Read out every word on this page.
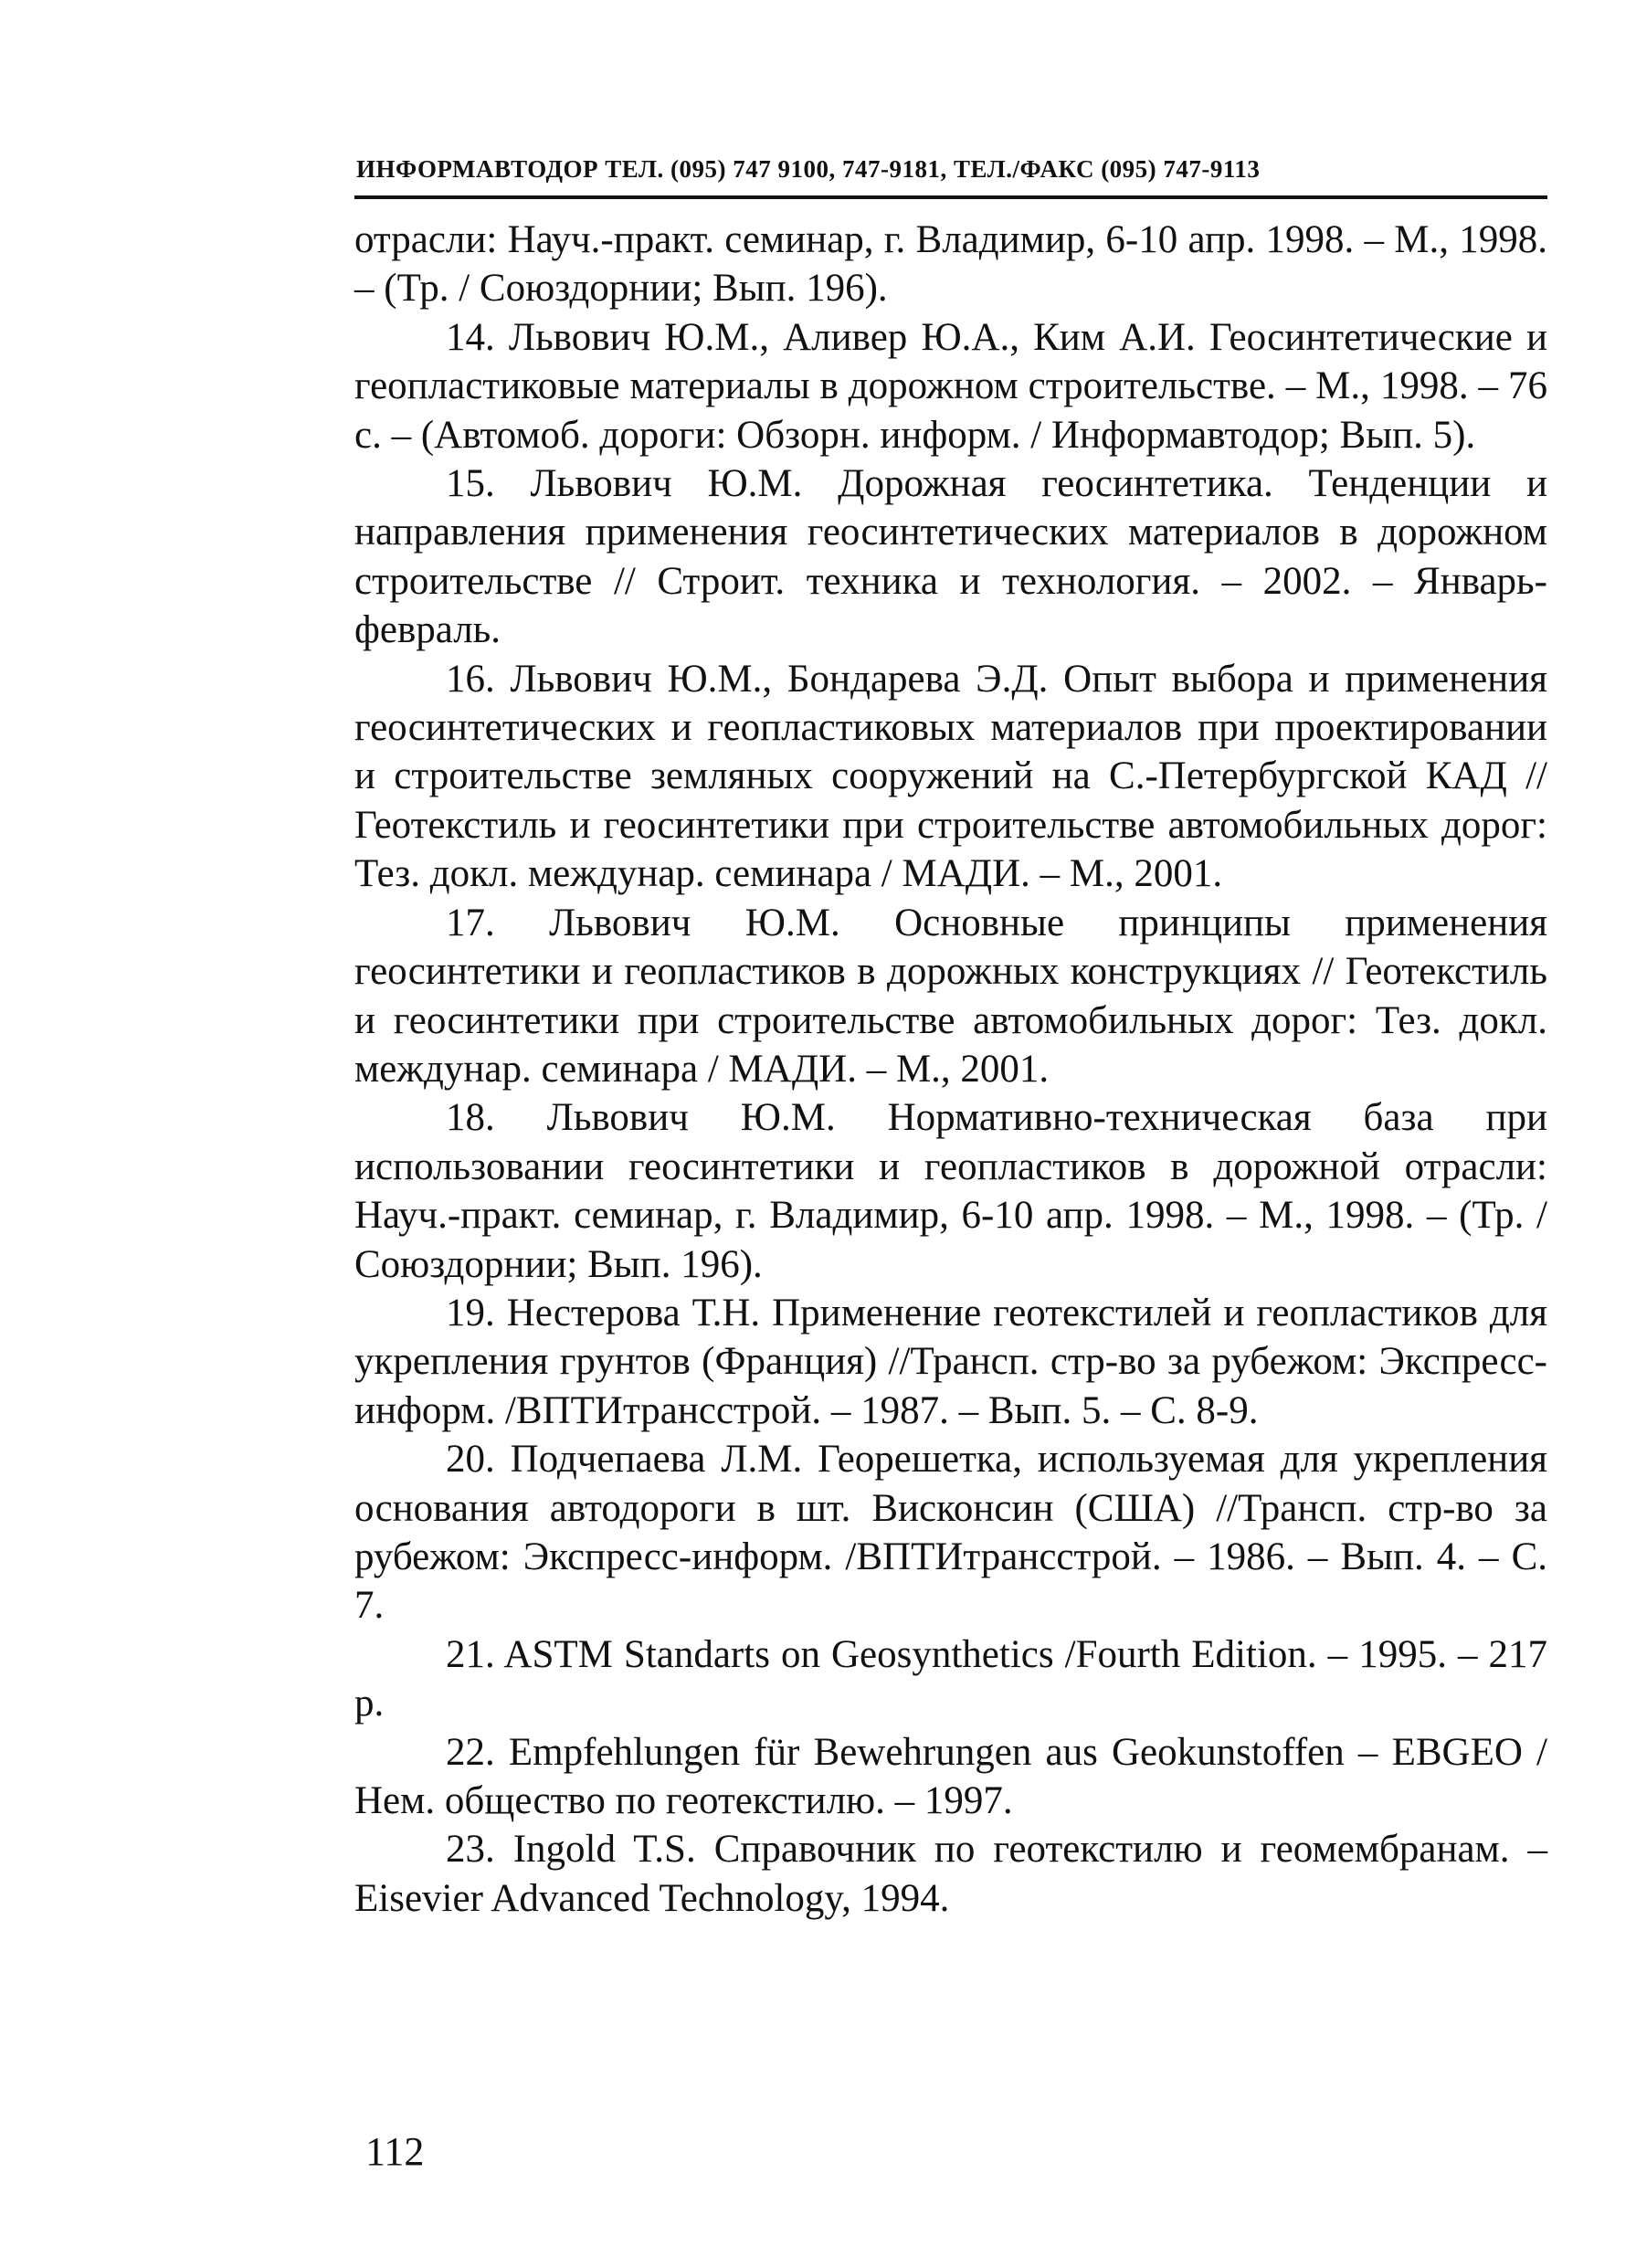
ИНФОРМАВТОДОР ТЕЛ. (095) 747 9100, 747-9181, ТЕЛ./ФАКС (095) 747-9113

отрасли: Науч.-практ. семинар, г. Владимир, 6-10 апр. 1998. – М., 1998. – (Тр. / Союздорнии; Вып. 196).

14. Львович Ю.М., Аливер Ю.А., Ким А.И. Геосинтетические и геопластиковые материалы в дорожном строительстве. – М., 1998. – 76 с. – (Автомоб. дороги: Обзорн. информ. / Информавтодор; Вып. 5).

15. Львович Ю.М. Дорожная геосинтетика. Тенденции и направления применения геосинтетических материалов в дорожном строительстве // Строит. техника и технология. – 2002. – Январь-февраль.

16. Львович Ю.М., Бондарева Э.Д. Опыт выбора и применения геосинтетических и геопластиковых материалов при проектировании и строительстве земляных сооружений на С.-Петербургской КАД // Геотекстиль и геосинтетики при строительстве автомобильных дорог: Тез. докл. междунар. семинара / МАДИ. – М., 2001.

17. Львович Ю.М. Основные принципы применения геосинтетики и геопластиков в дорожных конструкциях // Геотекстиль и геосинтетики при строительстве автомобильных дорог: Тез. докл. междунар. семинара / МАДИ. – М., 2001.

18. Львович Ю.М. Нормативно-техническая база при использовании геосинтетики и геопластиков в дорожной отрасли: Науч.-практ. семинар, г. Владимир, 6-10 апр. 1998. – М., 1998. – (Тр. / Союздорнии; Вып. 196).

19. Нестерова Т.Н. Применение геотекстилей и геопластиков для укрепления грунтов (Франция) //Трансп. стр-во за рубежом: Экспресс-информ. /ВПТИтрансстрой. – 1987. – Вып. 5. – С. 8-9.

20. Подчепаева Л.М. Георешетка, используемая для укрепления основания автодороги в шт. Висконсин (США) //Трансп. стр-во за рубежом: Экспресс-информ. /ВПТИтрансстрой. – 1986. – Вып. 4. – С. 7.

21. ASTM Standarts on Geosynthetics /Fourth Edition. – 1995. – 217 p.

22. Empfehlungen für Bewehrungen aus Geokunstoffen – EBGEO / Нем. общество по геотекстилю. – 1997.

23. Ingold T.S. Справочник по геотекстилю и геомембранам. – Eisevier Advanced Technology, 1994.

112
